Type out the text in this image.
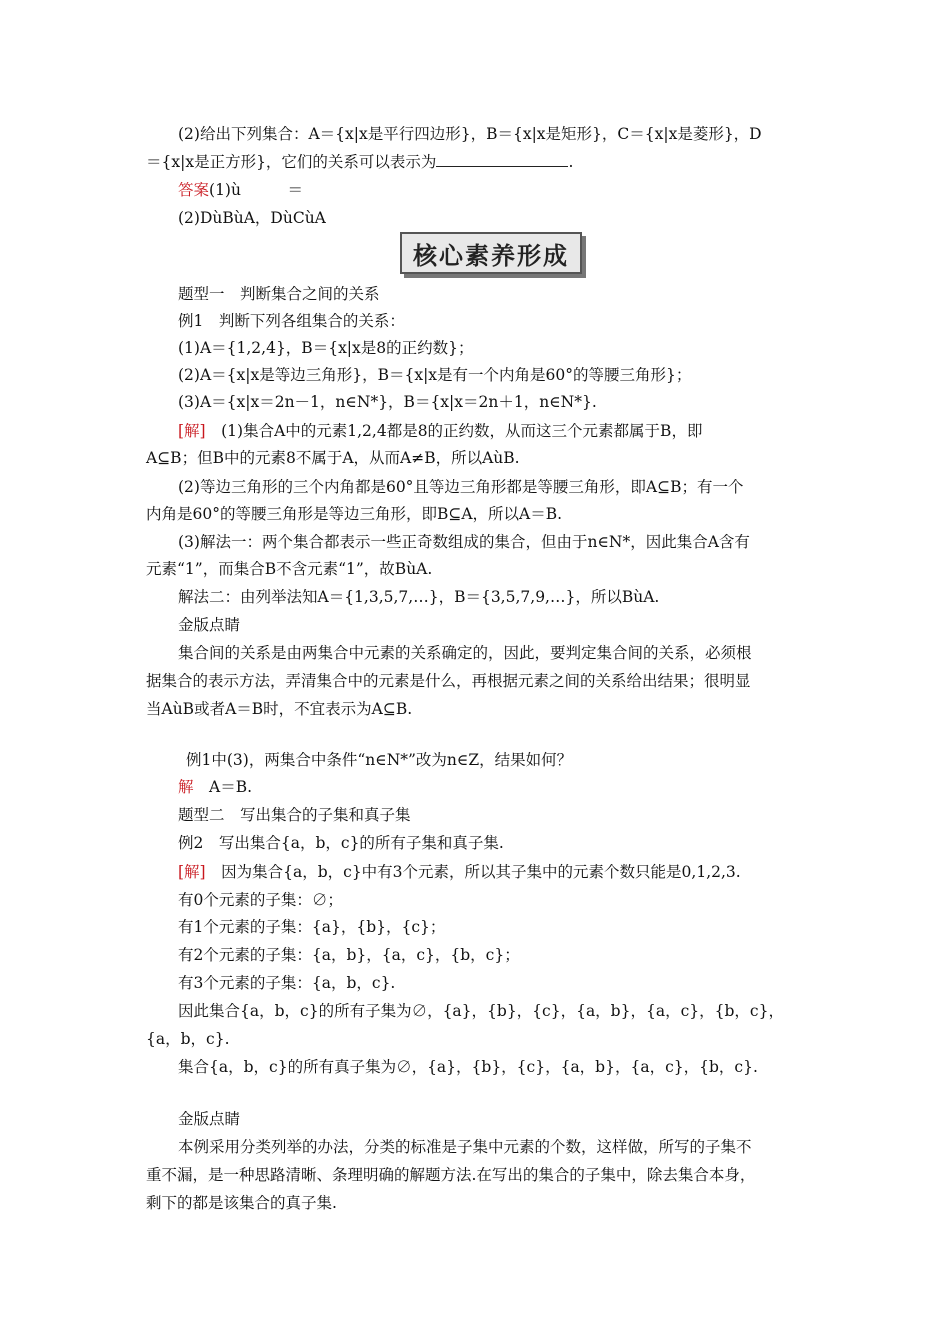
(2)给出下列集合：A＝{x|x是平行四边形}，B＝{x|x是矩形}，C＝{x|x是菱形}，D
＝{x|x是正方形}，它们的关系可以表示为	.
答案(1)ù　　　＝
(2)DùBùA，DùCùA
核心素养形成
题型一　判断集合之间的关系
例1　判断下列各组集合的关系：
(1)A＝{1,2,4}，B＝{x|x是8的正约数}；
(2)A＝{x|x是等边三角形}，B＝{x|x是有一个内角是60°的等腰三角形}；
(3)A＝{x|x＝2n－1，n∈N*}，B＝{x|x＝2n＋1，n∈N*}.
[解]　(1)集合A中的元素1,2,4都是8的正约数，从而这三个元素都属于B，即
A⊆B；但B中的元素8不属于A，从而A≠B，所以AùB.
(2)等边三角形的三个内角都是60°且等边三角形都是等腰三角形，即A⊆B；有一个
内角是60°的等腰三角形是等边三角形，即B⊆A，所以A＝B.
(3)解法一：两个集合都表示一些正奇数组成的集合，但由于n∈N*，因此集合A含有
元素“1”，而集合B不含元素“1”，故BùA.
解法二：由列举法知A＝{1,3,5,7,…}，B＝{3,5,7,9,…}，所以BùA.
金版点睛
集合间的关系是由两集合中元素的关系确定的，因此，要判定集合间的关系，必须根
据集合的表示方法，弄清集合中的元素是什么，再根据元素之间的关系给出结果；很明显
当AùB或者A＝B时，不宜表示为A⊆B.
例1中(3)，两集合中条件“n∈N*”改为n∈Z，结果如何？
解　A＝B.
题型二　写出集合的子集和真子集
例2　写出集合{a，b，c}的所有子集和真子集.
[解]　因为集合{a，b，c}中有3个元素，所以其子集中的元素个数只能是0,1,2,3.
有0个元素的子集：∅；
有1个元素的子集：{a}，{b}，{c}；
有2个元素的子集：{a，b}，{a，c}，{b，c}；
有3个元素的子集：{a，b，c}.
因此集合{a，b，c}的所有子集为∅，{a}，{b}，{c}，{a，b}，{a，c}，{b，c}，
{a，b，c}.
集合{a，b，c}的所有真子集为∅，{a}，{b}，{c}，{a，b}，{a，c}，{b，c}.
金版点睛
本例采用分类列举的办法，分类的标准是子集中元素的个数，这样做，所写的子集不
重不漏，是一种思路清晰、条理明确的解题方法.在写出的集合的子集中，除去集合本身，
剩下的都是该集合的真子集.
